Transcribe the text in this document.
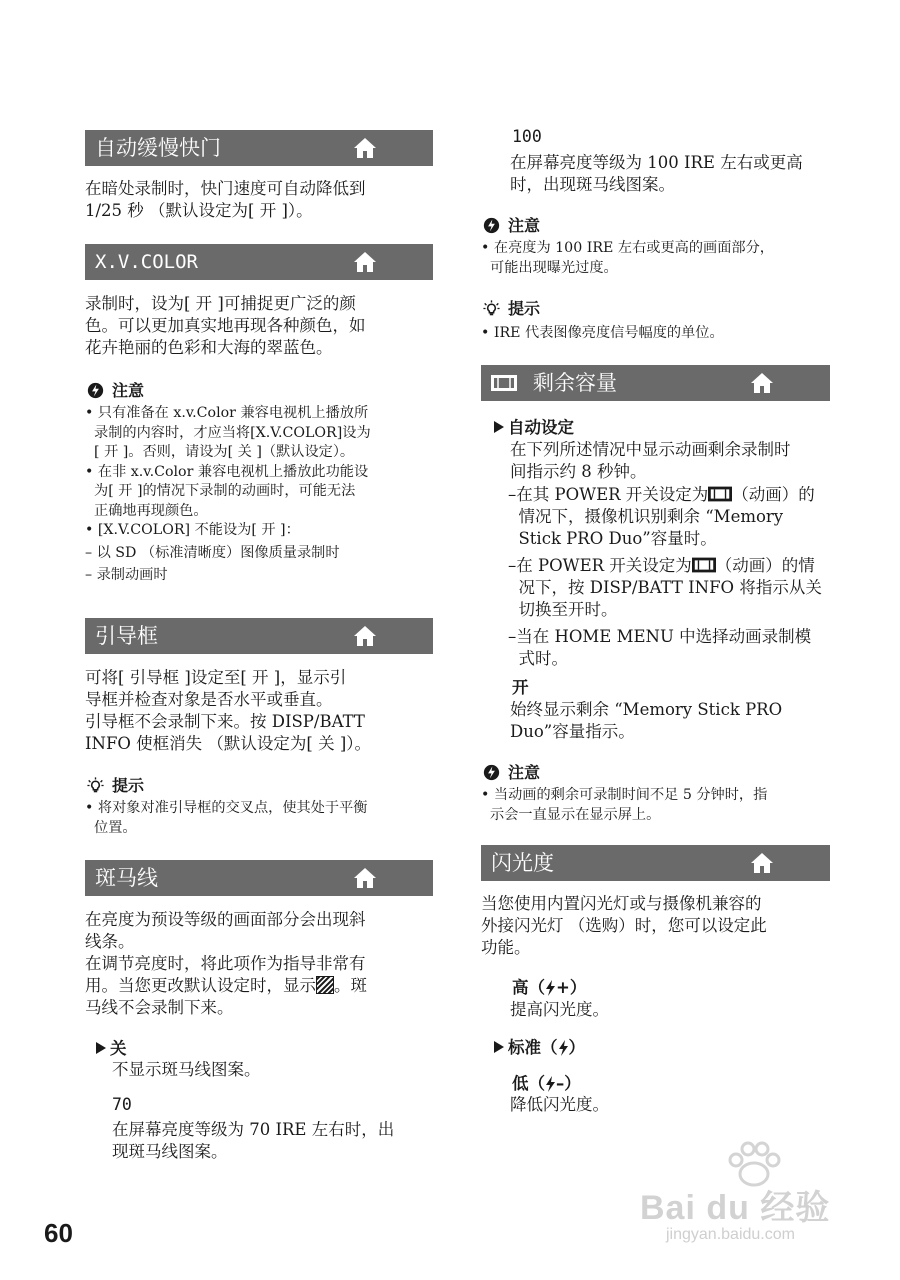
自动缓慢快门
在暗处录制时，快门速度可自动降低到
1/25 秒 （默认设定为[ 开 ]）。
X.V.COLOR
录制时，设为[ 开 ]可捕捉更广泛的颜
色。可以更加真实地再现各种颜色，如
花卉艳丽的色彩和大海的翠蓝色。
注意
• 只有准备在 x.v.Color 兼容电视机上播放所
录制的内容时，才应当将[X.V.COLOR]设为
[ 开 ]。否则，请设为[ 关 ]（默认设定）。
• 在非 x.v.Color 兼容电视机上播放此功能设
为[ 开 ]的情况下录制的动画时，可能无法
正确地再现颜色。
• [X.V.COLOR] 不能设为[ 开 ]：
– 以 SD （标准清晰度）图像质量录制时
– 录制动画时
引导框
可将[ 引导框 ]设定至[ 开 ]，显示引
导框并检查对象是否水平或垂直。
引导框不会录制下来。按 DISP/BATT
INFO 使框消失 （默认设定为[ 关 ]）。
提示
• 将对象对准引导框的交叉点，使其处于平衡
位置。
斑马线
在亮度为预设等级的画面部分会出现斜
线条。
在调节亮度时，将此项作为指导非常有
用。当您更改默认设定时，显示 。斑
马线不会录制下来。
关
不显示斑马线图案。
70
在屏幕亮度等级为 70 IRE 左右时，出
现斑马线图案。
100
在屏幕亮度等级为 100 IRE 左右或更高
时，出现斑马线图案。
注意
• 在亮度为 100 IRE 左右或更高的画面部分，
可能出现曝光过度。
提示
• IRE 代表图像亮度信号幅度的单位。
剩余容量
自动设定
在下列所述情况中显示动画剩余录制时
间指示约 8 秒钟。
–在其 POWER 开关设定为 （动画）的
情况下，摄像机识别剩余 “Memory
Stick PRO Duo”容量时。
–在 POWER 开关设定为 （动画）的情
况下，按 DISP/BATT INFO 将指示从关
切换至开时。
–当在 HOME MENU 中选择动画录制模
式时。
开
始终显示剩余 “Memory Stick PRO
Duo”容量指示。
注意
• 当动画的剩余可录制时间不足 5 分钟时，指
示会一直显示在显示屏上。
闪光度
当您使用内置闪光灯或与摄像机兼容的
外接闪光灯 （选购）时，您可以设定此
功能。
高（ +）
提高闪光度。
标准（ ）
低（ –）
降低闪光度。
60
Bai du 经验
jingyan.baidu.com
